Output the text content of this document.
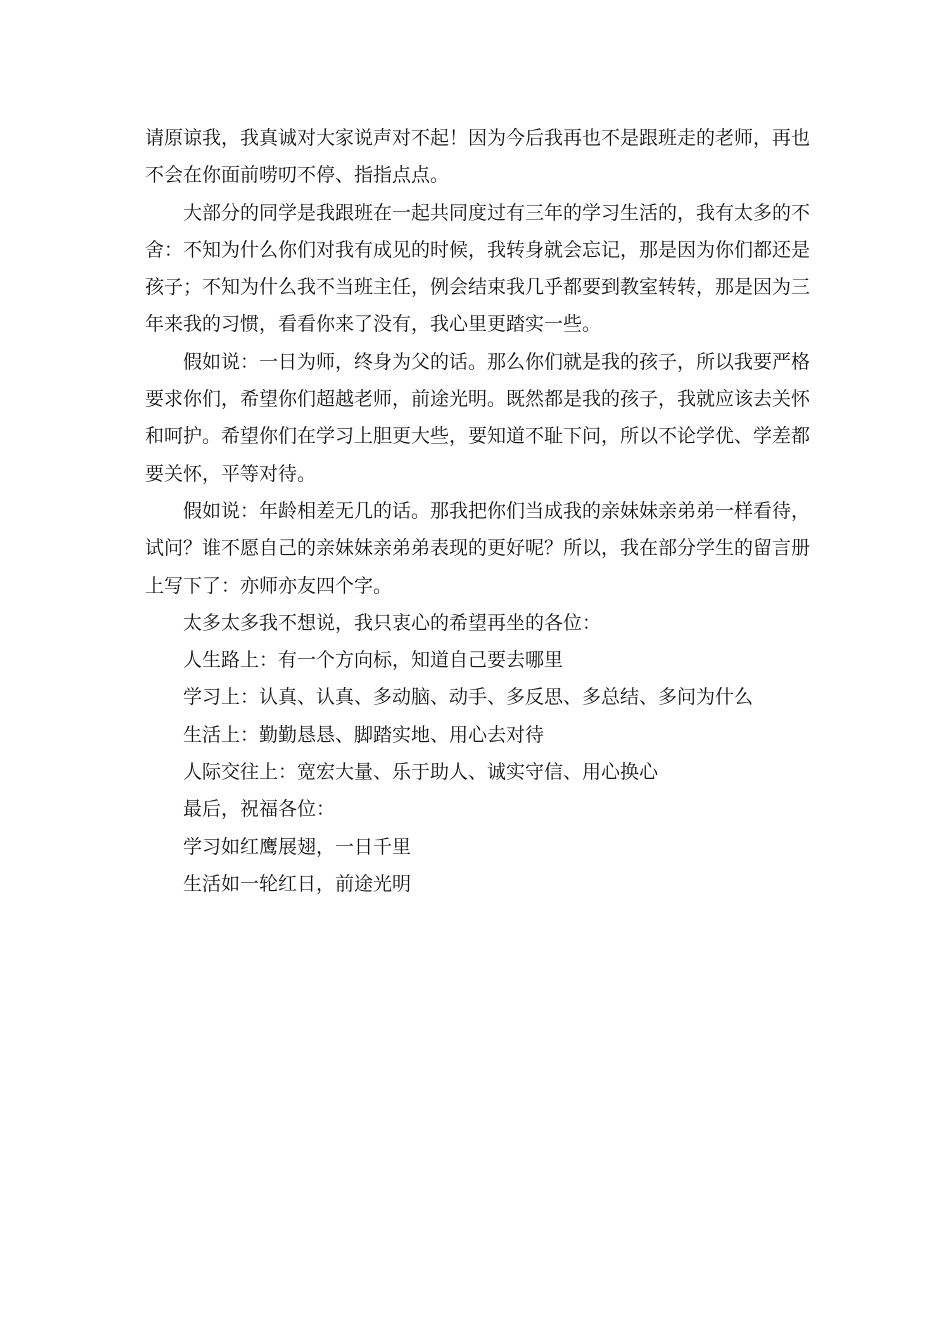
请原谅我，我真诚对大家说声对不起！因为今后我再也不是跟班走的老师，再也不会在你面前唠叨不停、指指点点。

大部分的同学是我跟班在一起共同度过有三年的学习生活的，我有太多的不舍：不知为什么你们对我有成见的时候，我转身就会忘记，那是因为你们都还是孩子；不知为什么我不当班主任，例会结束我几乎都要到教室转转，那是因为三年来我的习惯，看看你来了没有，我心里更踏实一些。

假如说：一日为师，终身为父的话。那么你们就是我的孩子，所以我要严格要求你们，希望你们超越老师，前途光明。既然都是我的孩子，我就应该去关怀和呵护。希望你们在学习上胆更大些，要知道不耻下问，所以不论学优、学差都要关怀，平等对待。

假如说：年龄相差无几的话。那我把你们当成我的亲妹妹亲弟弟一样看待，试问？谁不愿自己的亲妹妹亲弟弟表现的更好呢？所以，我在部分学生的留言册上写下了：亦师亦友四个字。

太多太多我不想说，我只衷心的希望再坐的各位：

人生路上：有一个方向标，知道自己要去哪里

学习上：认真、认真、多动脑、动手、多反思、多总结、多问为什么

生活上：勤勤恳恳、脚踏实地、用心去对待

人际交往上：宽宏大量、乐于助人、诚实守信、用心换心

最后，祝福各位：

学习如红鹰展翅，一日千里

生活如一轮红日，前途光明
